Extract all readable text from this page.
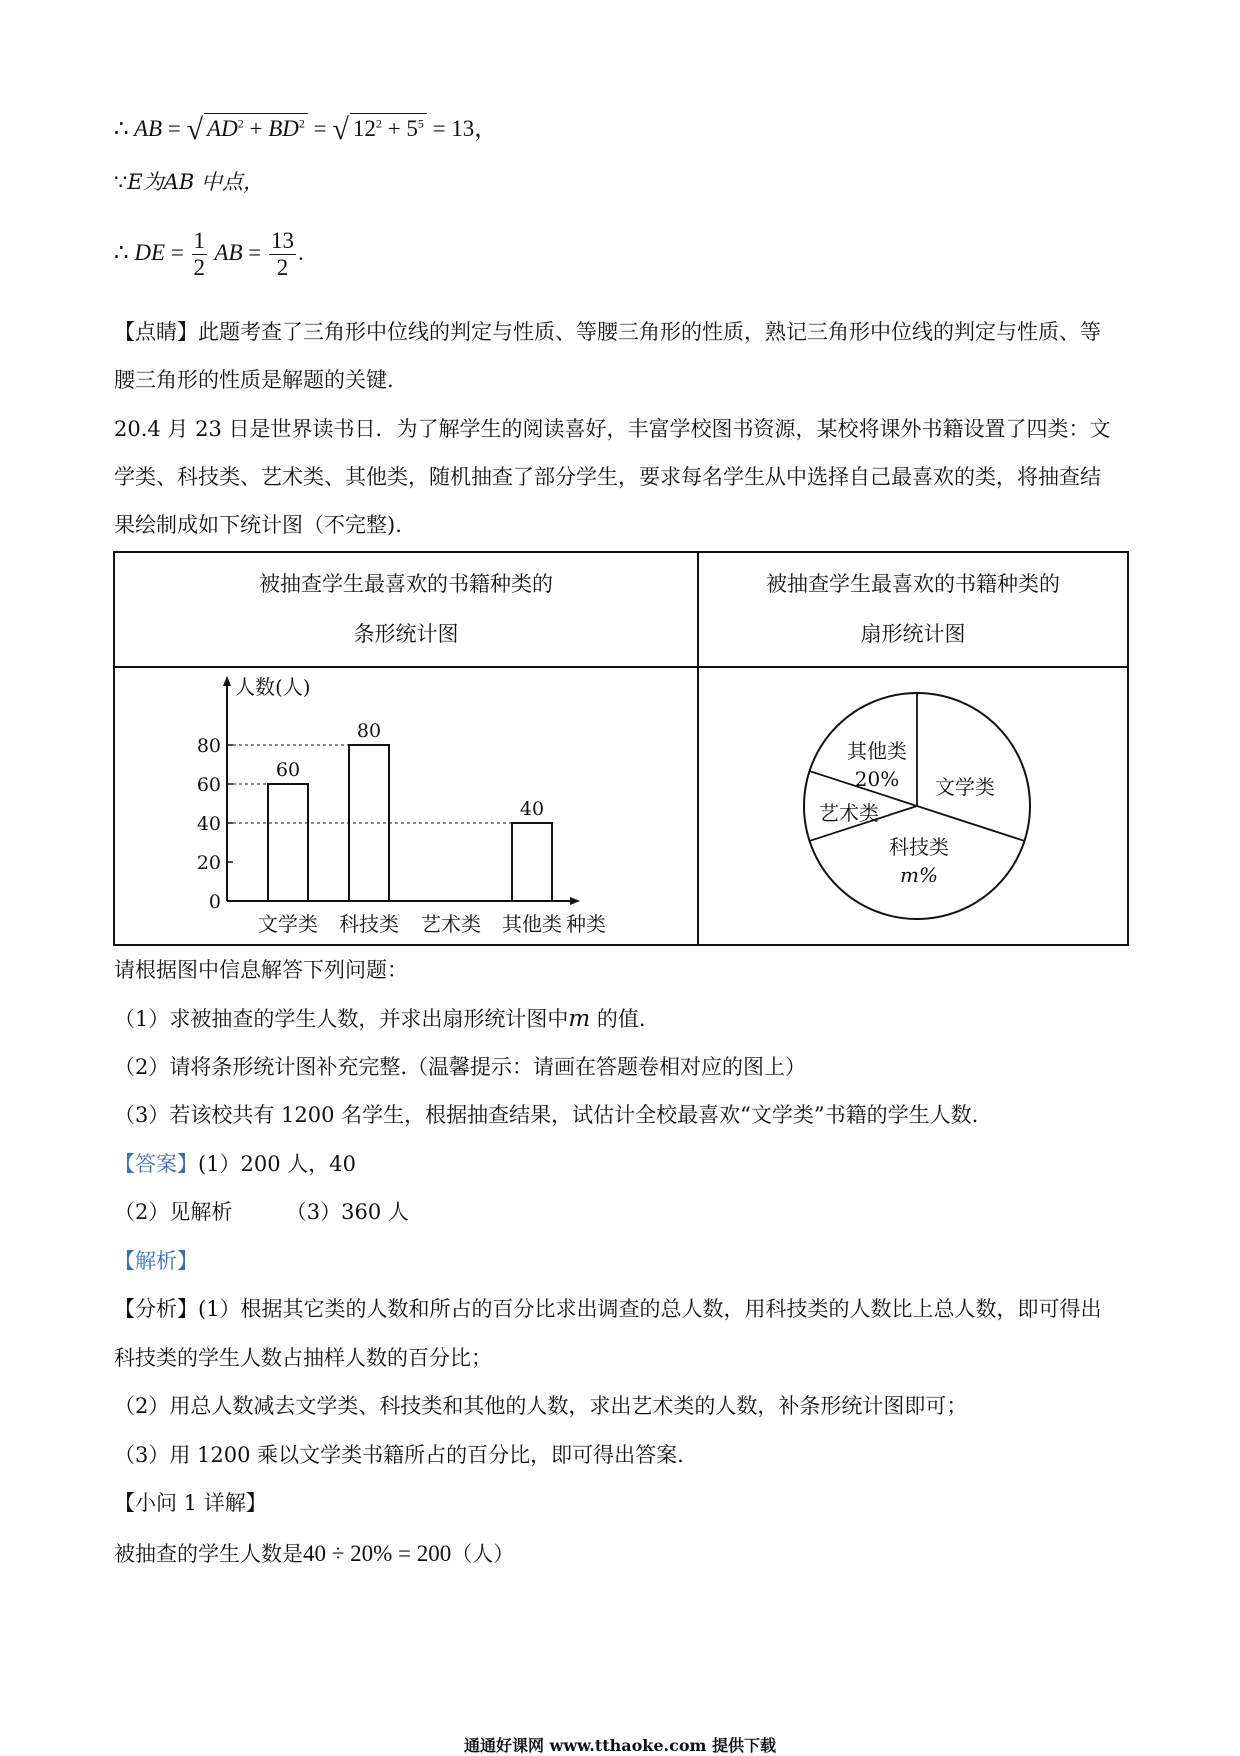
∴ AB = √ $AD^2 + BD^2$ = √ $12^2 + 5^5 = 13$，
∵E为AB 中点，
∴ DE = $\frac{1}{2}$ AB = $\frac{13}{2}$ .
【点睛】此题考查了三角形中位线的判定与性质、等腰三角形的性质，熟记三角形中位线的判定与性质、等
腰三角形的性质是解题的关键.
20.4 月 23 日是世界读书日．为了解学生的阅读喜好，丰富学校图书资源，某校将课外书籍设置了四类：文
学类、科技类、艺术类、其他类，随机抽查了部分学生，要求每名学生从中选择自己最喜欢的类，将抽查结
果绘制成如下统计图（不完整).
被抽查学生最喜欢的书籍种类的
条形统计图
被抽查学生最喜欢的书籍种类的
扇形统计图
人数(人)
种类
0
20
40
60
80
文学类
60
科技类
80
艺术类 其他类
40
其他类
20% 文学类
科技类
m%
艺术类
请根据图中信息解答下列问题：
（1）求被抽查的学生人数，并求出扇形统计图中m 的值.
（2）请将条形统计图补充完整.（温馨提示：请画在答题卷相对应的图上）
（3）若该校共有 1200 名学生，根据抽查结果，试估计全校最喜欢“文学类”书籍的学生人数.
【答案】(1）200 人，40
（2）见解析        （3）360 人
【解析】
【分析】(1）根据其它类的人数和所占的百分比求出调查的总人数，用科技类的人数比上总人数，即可得出
科技类的学生人数占抽样人数的百分比；
（2）用总人数减去文学类、科技类和其他的人数，求出艺术类的人数，补条形统计图即可；
（3）用 1200 乘以文学类书籍所占的百分比，即可得出答案.
【小问 1 详解】
被抽查的学生人数是40 ÷ 20% = 200（人）
通通好课网 www.tthaoke.com 提供下载
